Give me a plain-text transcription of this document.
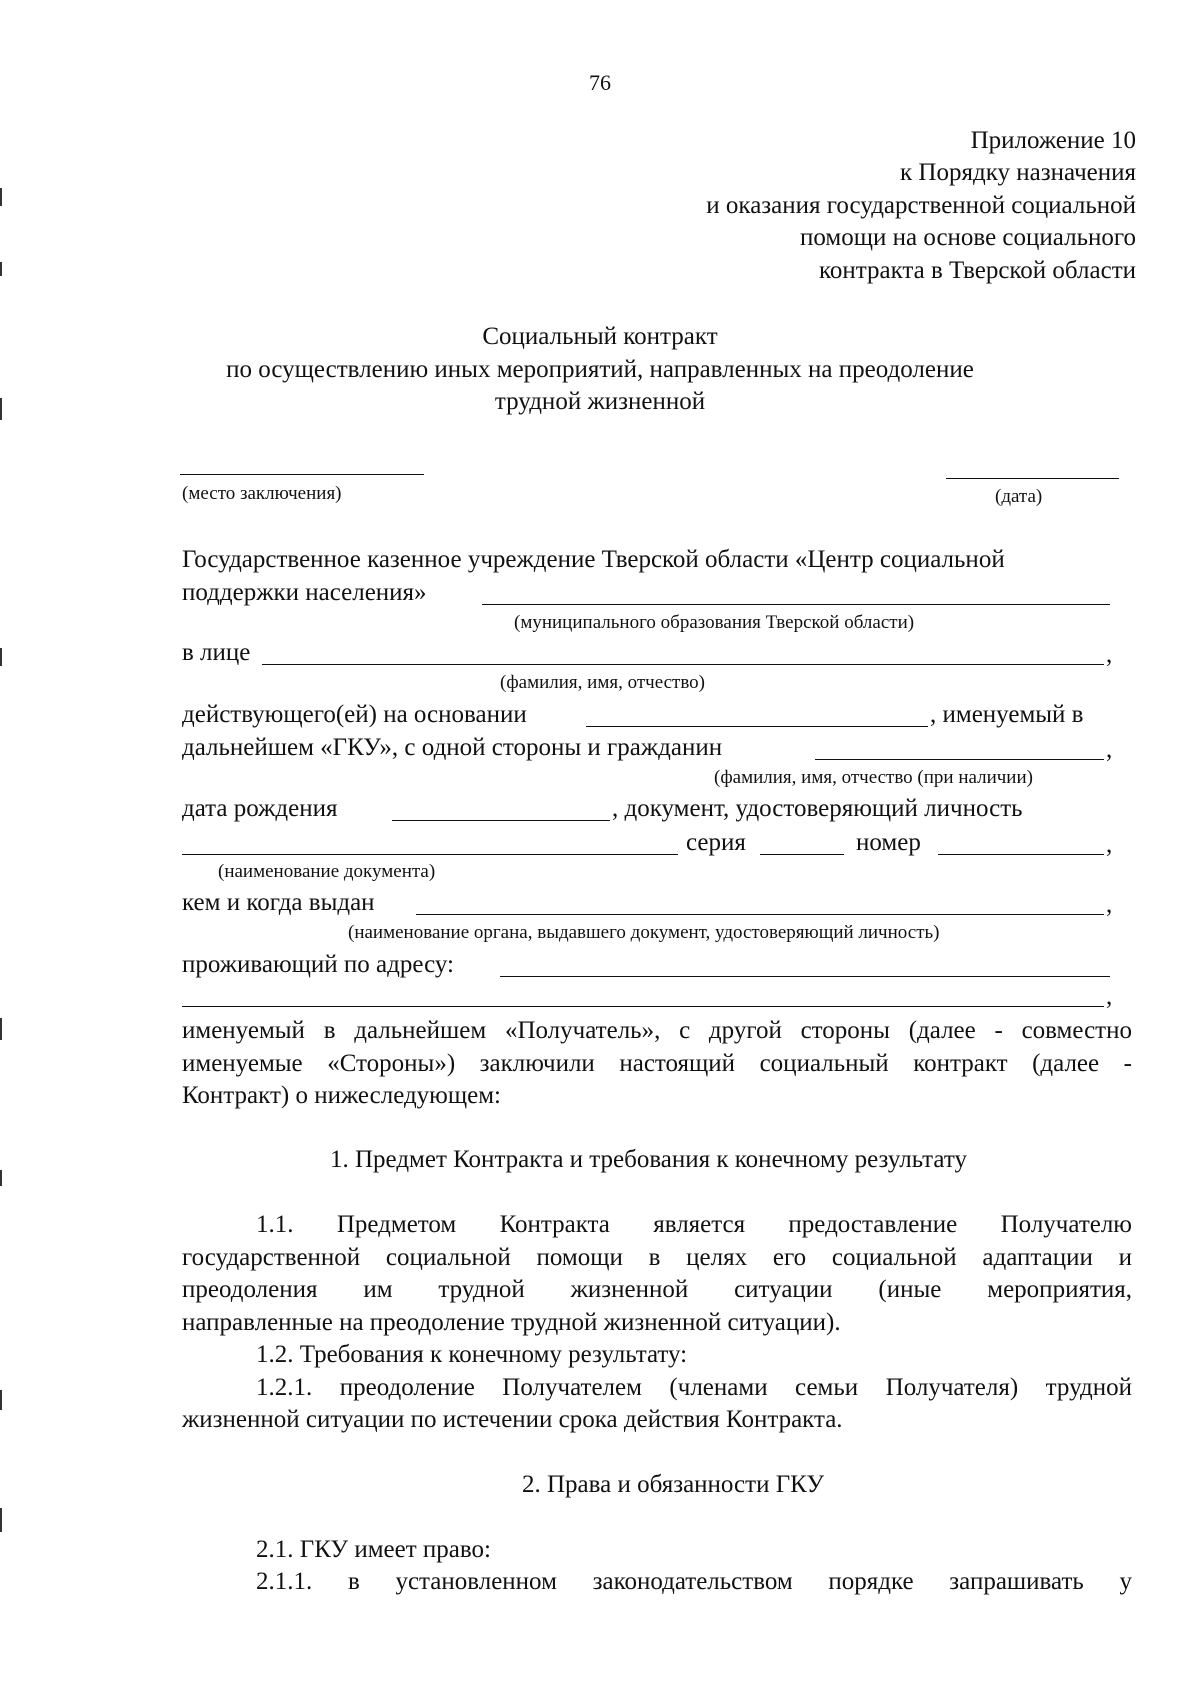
76
Приложение 10
к Порядку назначения
и оказания государственной социальной
помощи на основе социального
контракта в Тверской области
Социальный контракт
по осуществлению иных мероприятий, направленных на преодоление
трудной жизненной
(место заключения)	(дата)
Государственное казенное учреждение Тверской области «Центр социальной
поддержки населения»
(муниципального образования Тверской области)
в лице	,
(фамилия, имя, отчество)
действующего(ей) на основании	, именуемый в
дальнейшем «ГКУ», с одной стороны и гражданин	,
(фамилия, имя, отчество (при наличии)
дата рождения	, документ, удостоверяющий личность
серия	номер	,
(наименование документа)
кем и когда выдан	,
(наименование органа, выдавшего документ, удостоверяющий личность)
проживающий по адресу:
,
именуемый в дальнейшем «Получатель», с другой стороны (далее - совместно
именуемые «Стороны») заключили настоящий социальный контракт (далее -
Контракт) о нижеследующем:
1. Предмет Контракта и требования к конечному результату
1.1. Предметом Контракта является предоставление Получателю
государственной социальной помощи в целях его социальной адаптации и
преодоления им трудной жизненной ситуации (иные мероприятия,
направленные на преодоление трудной жизненной ситуации).
1.2. Требования к конечному результату:
1.2.1. преодоление Получателем (членами семьи Получателя) трудной
жизненной ситуации по истечении срока действия Контракта.
2. Права и обязанности ГКУ
2.1. ГКУ имеет право:
2.1.1. в установленном законодательством порядке запрашивать у
